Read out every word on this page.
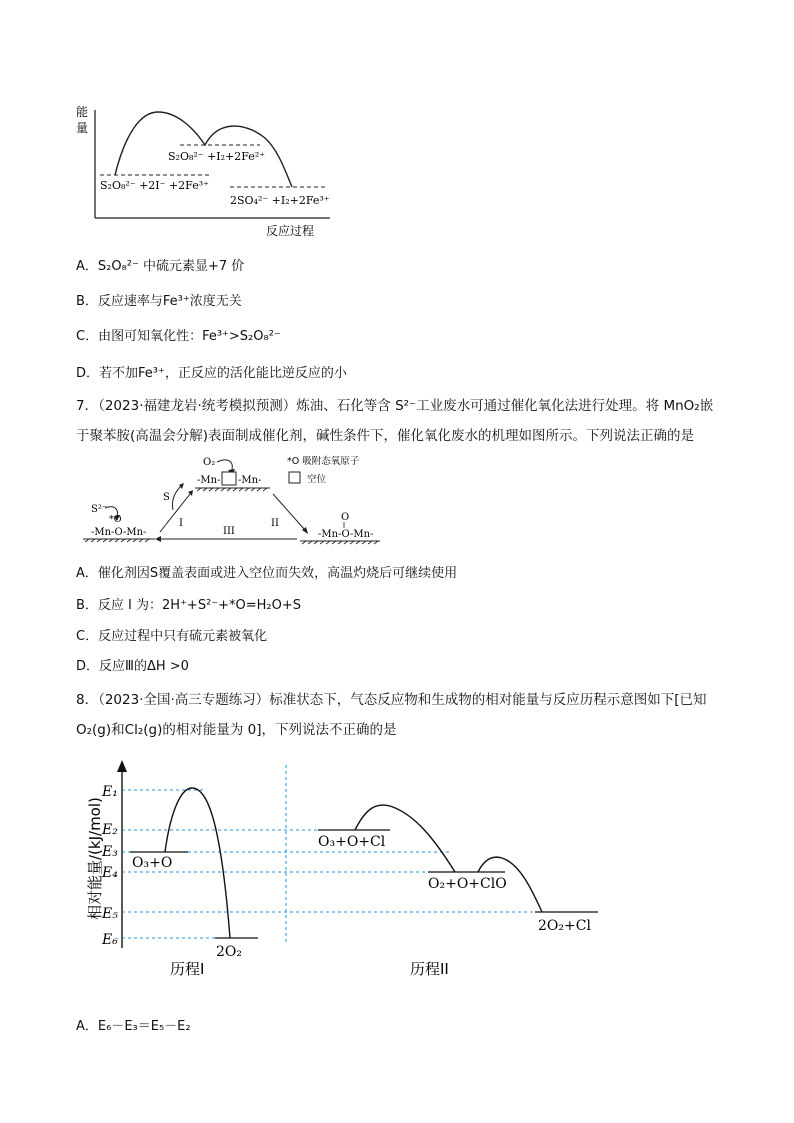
能
量
S₂O₈²⁻ +2I⁻ +2Fe³⁺
S₂O₈²⁻ +I₂+2Fe²⁺
2SO₄²⁻ +I₂+2Fe³⁺
反应过程
A．S₂O₈²⁻ 中硫元素显+7 价
B．反应速率与Fe³⁺浓度无关
C．由图可知氧化性：Fe³⁺>S₂O₈²⁻
D．若不加Fe³⁺，正反应的活化能比逆反应的小
7．（2023·福建龙岩·统考模拟预测）炼油、石化等含 S²⁻工业废水可通过催化氧化法进行处理。将 MnO₂嵌
于聚苯胺(高温会分解)表面制成催化剂，碱性条件下，催化氧化废水的机理如图所示。下列说法正确的是
O₂
-Mn- -Mn-
*O 吸附态氧原子
空位
S²⁻
*O
-Mn-O-Mn-
O
-Mn-O-Mn-
I
S
II
III
A．催化剂因S覆盖表面或进入空位而失效，高温灼烧后可继续使用
B．反应 I 为：2H⁺+S²⁻+*O=H₂O+S
C．反应过程中只有硫元素被氧化
D．反应Ⅲ的ΔH >0
8．（2023·全国·高三专题练习）标准状态下，气态反应物和生成物的相对能量与反应历程示意图如下[已知
O₂(g)和Cl₂(g)的相对能量为 0]，下列说法不正确的是
相对能量/(kJ/mol)
E₁
E₂
E₃
E₄
E₅
E₆
O₃+O
2O₂
O₃+O+Cl
O₂+O+ClO
2O₂+Cl
历程I	历程II
A．E₆－E₃＝E₅－E₂
